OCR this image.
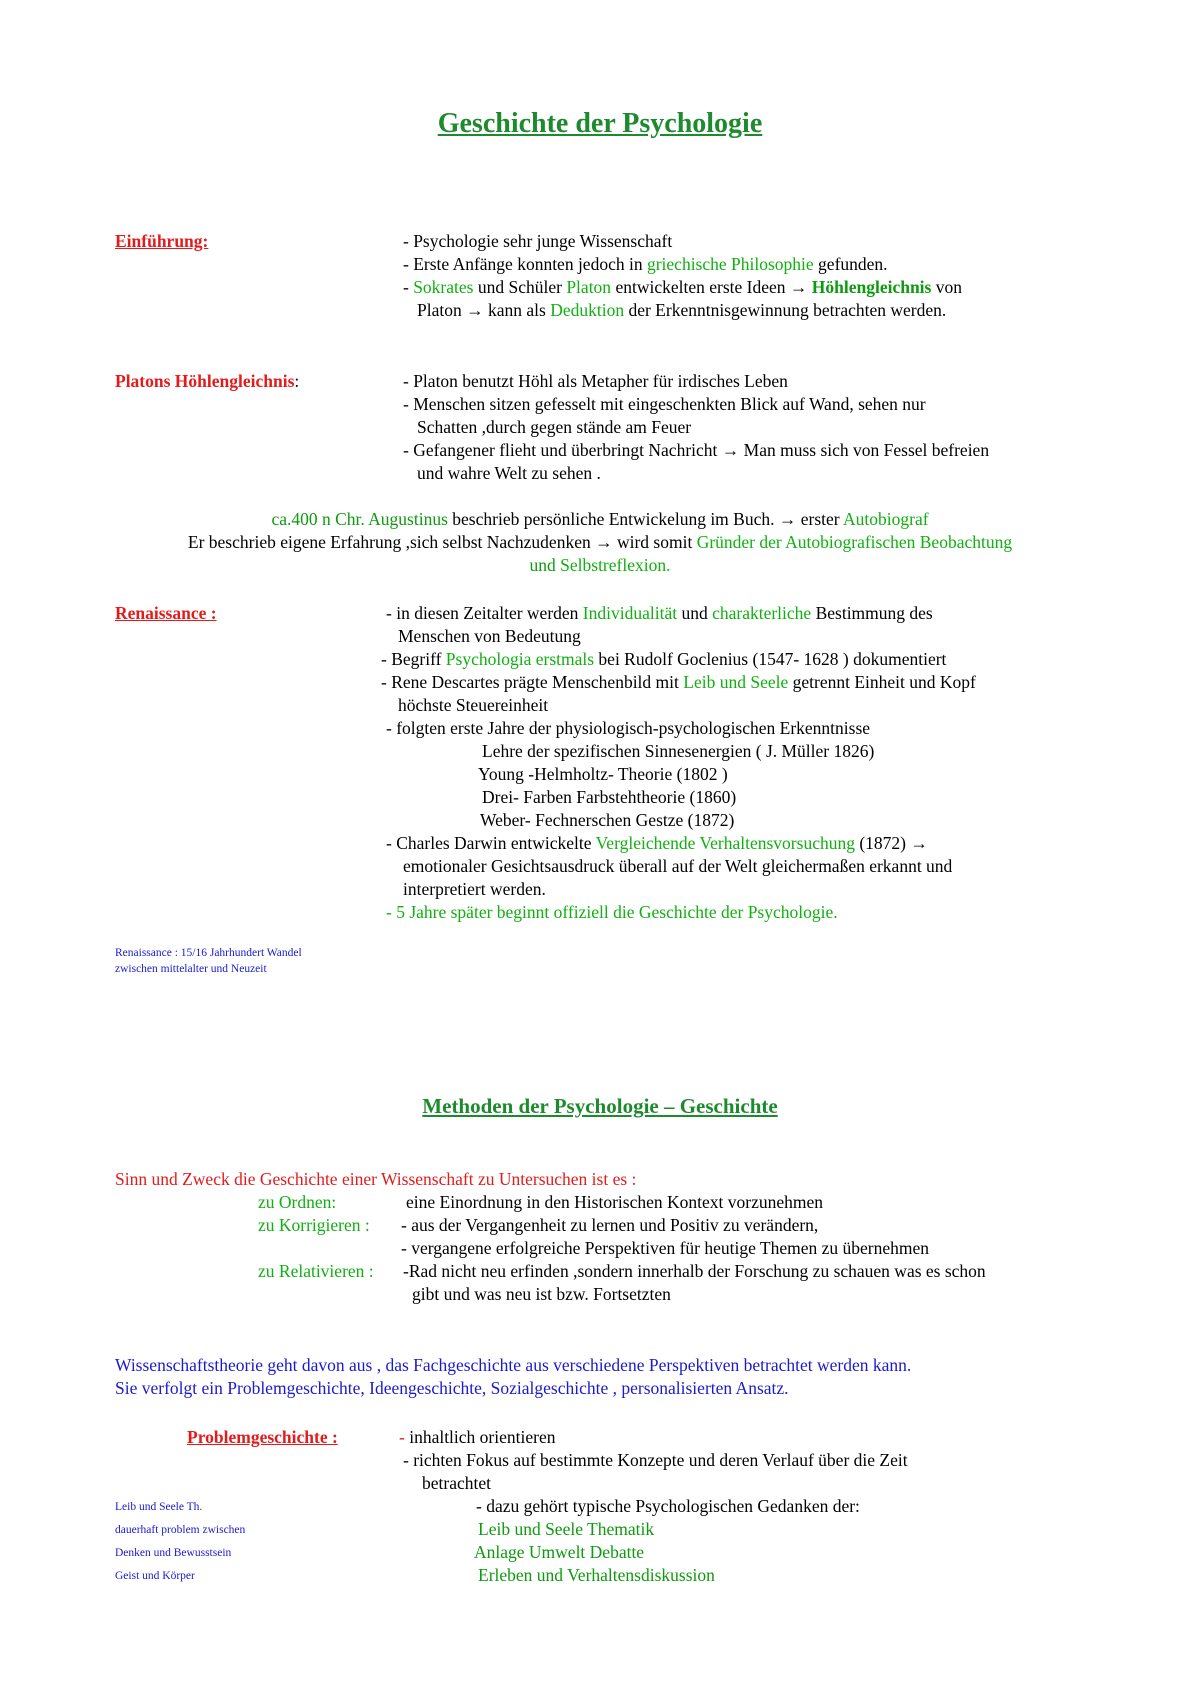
Geschichte der Psychologie
Einführung:	- Psychologie sehr junge Wissenschaft
- Erste Anfänge konnten jedoch in griechische Philosophie gefunden.
- Sokrates und Schüler Platon entwickelten erste Ideen → Höhlengleichnis von
Platon → kann als Deduktion der Erkenntnisgewinnung betrachten werden.
Platons Höhlengleichnis:	- Platon benutzt Höhl als Metapher für irdisches Leben
- Menschen sitzen gefesselt mit eingeschenkten Blick auf Wand, sehen nur
Schatten ,durch gegen stände am Feuer
- Gefangener flieht und überbringt Nachricht → Man muss sich von Fessel befreien
und wahre Welt zu sehen .
ca.400 n Chr. Augustinus beschrieb persönliche Entwickelung im Buch. → erster Autobiograf
Er beschrieb eigene Erfahrung ,sich selbst Nachzudenken → wird somit Gründer der Autobiografischen Beobachtung
und Selbstreflexion.
Renaissance :	- in diesen Zeitalter werden Individualität und charakterliche Bestimmung des
Menschen von Bedeutung
- Begriff Psychologia erstmals bei Rudolf Goclenius (1547- 1628 ) dokumentiert
- Rene Descartes prägte Menschenbild mit Leib und Seele getrennt Einheit und Kopf
höchste Steuereinheit
- folgten erste Jahre der physiologisch-psychologischen Erkenntnisse
Lehre der spezifischen Sinnesenergien ( J. Müller 1826)
Young -Helmholtz- Theorie (1802 )
Drei- Farben Farbstehtheorie (1860)
Weber- Fechnerschen Gestze (1872)
- Charles Darwin entwickelte Vergleichende Verhaltensvorsuchung (1872) →
emotionaler Gesichtsausdruck überall auf der Welt gleichermaßen erkannt und
interpretiert werden.
- 5 Jahre später beginnt offiziell die Geschichte der Psychologie.
Renaissance : 15/16 Jahrhundert Wandel zwischen mittelalter und Neuzeit
Methoden der Psychologie – Geschichte
Sinn und Zweck die Geschichte einer Wissenschaft zu Untersuchen ist es :
zu Ordnen:	eine Einordnung in den Historischen Kontext vorzunehmen
zu Korrigieren : - aus der Vergangenheit zu lernen und Positiv zu verändern,
- vergangene erfolgreiche Perspektiven für heutige Themen zu übernehmen
zu Relativieren : -Rad nicht neu erfinden ,sondern innerhalb der Forschung zu schauen was es schon
gibt und was neu ist bzw. Fortsetzten
Wissenschaftstheorie geht davon aus , das Fachgeschichte aus verschiedene Perspektiven betrachtet werden kann.
Sie verfolgt ein Problemgeschichte, Ideengeschichte, Sozialgeschichte , personalisierten Ansatz.
Problemgeschichte :	- inhaltlich orientieren
- richten Fokus auf bestimmte Konzepte und deren Verlauf über die Zeit
betrachtet
- dazu gehört typische Psychologischen Gedanken der:
Leib und Seele Thematik
Anlage Umwelt Debatte
Erleben und Verhaltensdiskussion
Leib und Seele Th.
dauerhaft problem zwischen
Denken und Bewusstsein
Geist und Körper
